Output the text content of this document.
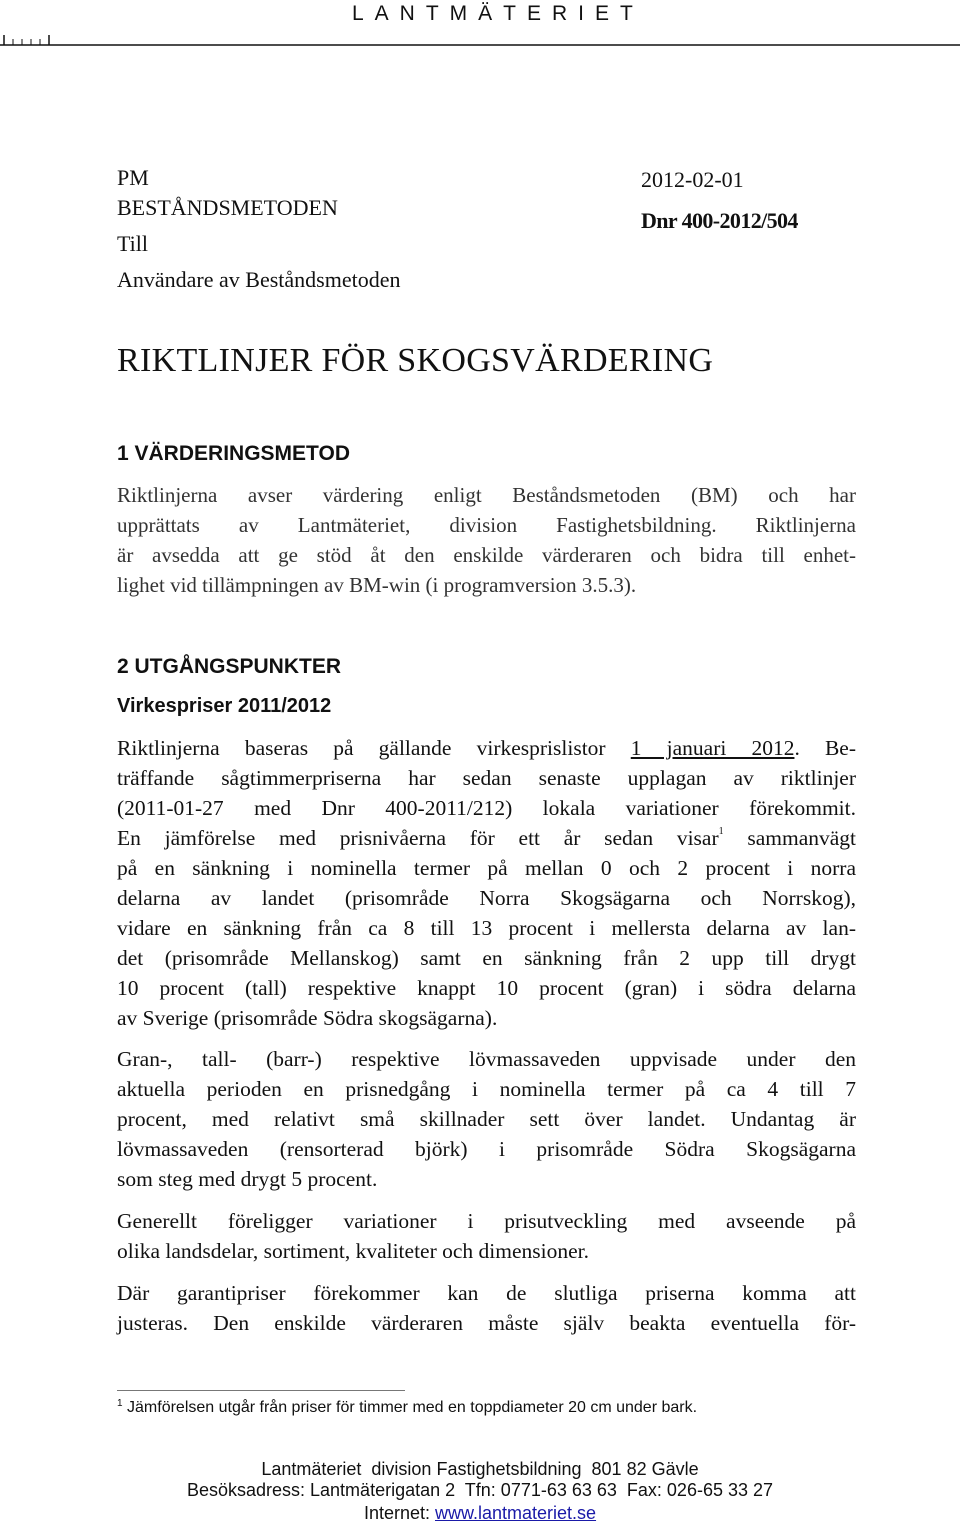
LANTMÄTERIET
PM
BESTÅNDSMETODEN
Till
Användare av Beståndsmetoden
2012-02-01
Dnr 400-2012/504
RIKTLINJER FÖR SKOGSVÄRDERING
1 VÄRDERINGSMETOD
Riktlinjerna avser värdering enligt Beståndsmetoden (BM) och har
upprättats av Lantmäteriet, division Fastighetsbildning. Riktlinjerna
är avsedda att ge stöd åt den enskilde värderaren och bidra till enhet-
lighet vid tillämpningen av BM-win (i programversion 3.5.3).
2 UTGÅNGSPUNKTER
Virkespriser 2011/2012
Riktlinjerna baseras på gällande virkesprislistor 1 januari 2012. Be-
träffande sågtimmerpriserna har sedan senaste upplagan av riktlinjer
(2011-01-27 med Dnr 400-2011/212) lokala variationer förekommit.
En jämförelse med prisnivåerna för ett år sedan visar$^1$ sammanvägt
på en sänkning i nominella termer på mellan 0 och 2 procent i norra
delarna av landet (prisområde Norra Skogsägarna och Norrskog),
vidare en sänkning från ca 8 till 13 procent i mellersta delarna av lan-
det (prisområde Mellanskog) samt en sänkning från 2 upp till drygt
10 procent (tall) respektive knappt 10 procent (gran) i södra delarna
av Sverige (prisområde Södra skogsägarna).
Gran-, tall- (barr-) respektive lövmassaveden uppvisade under den
aktuella perioden en prisnedgång i nominella termer på ca 4 till 7
procent, med relativt små skillnader sett över landet. Undantag är
lövmassaveden (rensorterad björk) i prisområde Södra Skogsägarna
som steg med drygt 5 procent.
Generellt föreligger variationer i prisutveckling med avseende på
olika landsdelar, sortiment, kvaliteter och dimensioner.
Där garantipriser förekommer kan de slutliga priserna komma att
justeras. Den enskilde värderaren måste själv beakta eventuella för-
$^1$ Jämförelsen utgår från priser för timmer med en toppdiameter 20 cm under bark.
Lantmäteriet  division Fastighetsbildning  801 82 Gävle
Besöksadress: Lantmäterigatan 2  Tfn: 0771-63 63 63  Fax: 026-65 33 27
Internet: www.lantmateriet.se
